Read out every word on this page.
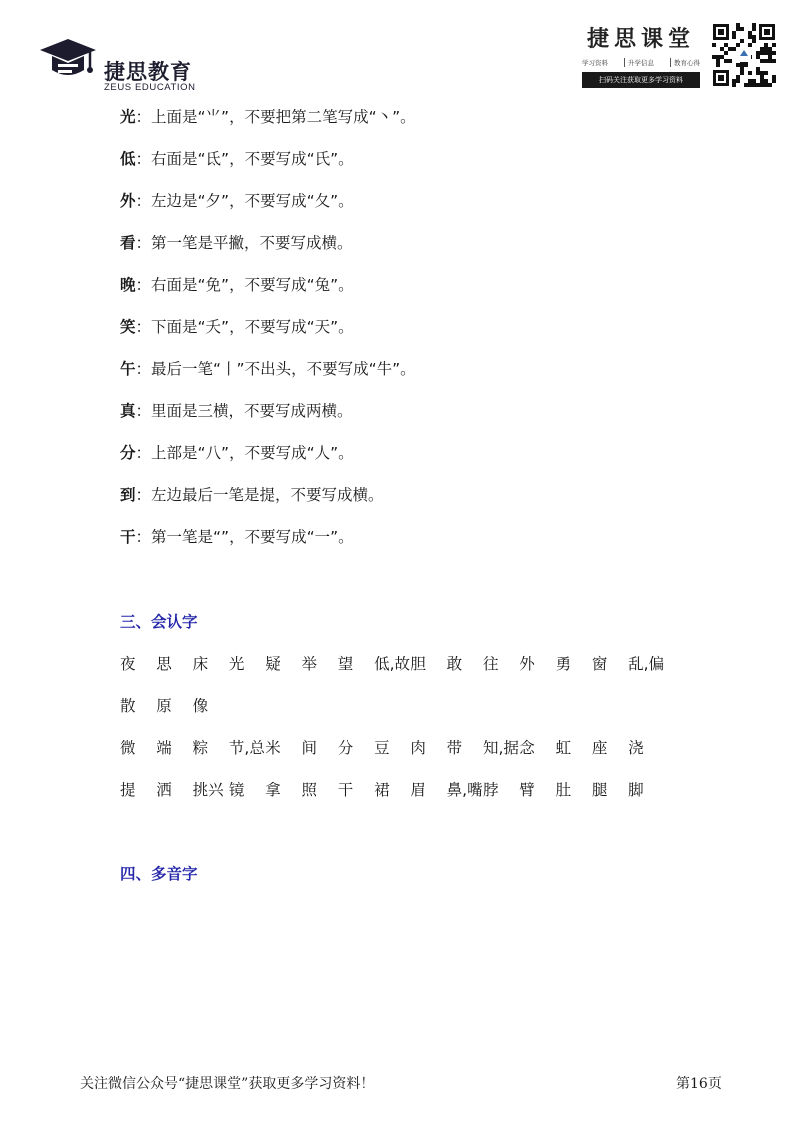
捷思教育
ZEUS EDUCATION
捷思课堂
学习资料	升学信息	教育心得
扫码关注获取更多学习资料
光：上面是“⺌”，不要把第二笔写成“丶”。
低：右面是“氐”，不要写成“氏”。
外：左边是“夕”，不要写成“夂”。
看：第一笔是平撇，不要写成横。
晚：右面是“免”，不要写成“兔”。
笑：下面是“夭”，不要写成“天”。
午：最后一笔“丨”不出头，不要写成“牛”。
真：里面是三横，不要写成两横。
分：上部是“八”，不要写成“人”。
到：左边最后一笔是提，不要写成横。
干：第一笔是“”，不要写成“一”。
三、会认字
夜	思	床	光	疑	举	望	低,故 胆	敢	往	外	勇	窗	乱,偏
散	原	像
微	端	粽	节,总 米	间	分	豆	肉	带	知,据 念	虹	座	浇
提	洒	挑兴 镜	拿	照	干	裙	眉	鼻,嘴 脖	臂	肚	腿	脚
四、多音字
关注微信公众号“捷思课堂”获取更多学习资料！	第16页
